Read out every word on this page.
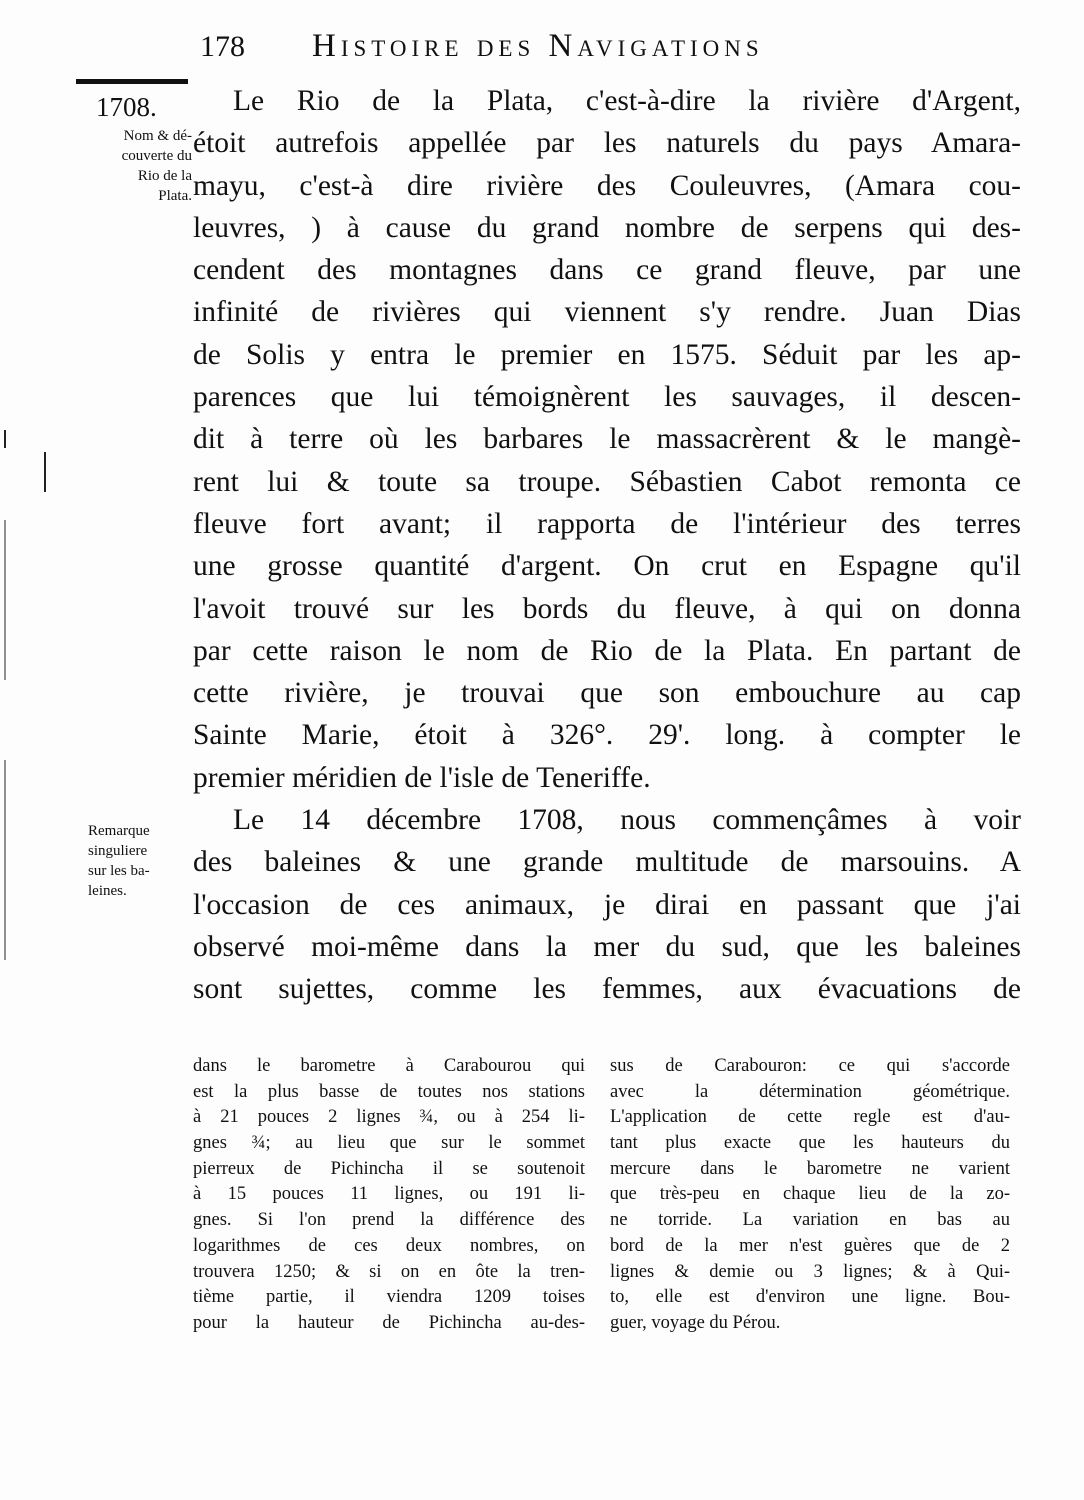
178 Histoire des Navigations
1708.
Nom & dé-
couverte du
Rio de la
Plata.
Remarque
singuliere
sur les ba-
leines.
Le Rio de la Plata, c'est-à-dire la rivière d'Argent,
étoit autrefois appellée par les naturels du pays Amara-
mayu, c'est-à dire rivière des Couleuvres, (Amara cou-
leuvres, ) à cause du grand nombre de serpens qui des-
cendent des montagnes dans ce grand fleuve, par une
infinité de rivières qui viennent s'y rendre. Juan Dias
de Solis y entra le premier en 1575. Séduit par les ap-
parences que lui témoignèrent les sauvages, il descen-
dit à terre où les barbares le massacrèrent & le mangè-
rent lui & toute sa troupe. Sébastien Cabot remonta ce
fleuve fort avant; il rapporta de l'intérieur des terres
une grosse quantité d'argent. On crut en Espagne qu'il
l'avoit trouvé sur les bords du fleuve, à qui on donna
par cette raison le nom de Rio de la Plata. En partant de
cette rivière, je trouvai que son embouchure au cap
Sainte Marie, étoit à 326°. 29'. long. à compter le
premier méridien de l'isle de Teneriffe.
Le 14 décembre 1708, nous commençâmes à voir
des baleines & une grande multitude de marsouins. A
l'occasion de ces animaux, je dirai en passant que j'ai
observé moi-même dans la mer du sud, que les baleines
sont sujettes, comme les femmes, aux évacuations de
dans le barometre à Carabourou qui
est la plus basse de toutes nos stations
à 21 pouces 2 lignes ¾, ou à 254 li-
gnes ¾; au lieu que sur le sommet
pierreux de Pichincha il se soutenoit
à 15 pouces 11 lignes, ou 191 li-
gnes. Si l'on prend la différence des
logarithmes de ces deux nombres, on
trouvera 1250; & si on en ôte la tren-
tième partie, il viendra 1209 toises
pour la hauteur de Pichincha au-des-
sus de Carabouron: ce qui s'accorde
avec la détermination géométrique.
L'application de cette regle est d'au-
tant plus exacte que les hauteurs du
mercure dans le barometre ne varient
que très-peu en chaque lieu de la zo-
ne torride. La variation en bas au
bord de la mer n'est guères que de 2
lignes & demie ou 3 lignes; & à Qui-
to, elle est d'environ une ligne. Bou-
guer, voyage du Pérou.
